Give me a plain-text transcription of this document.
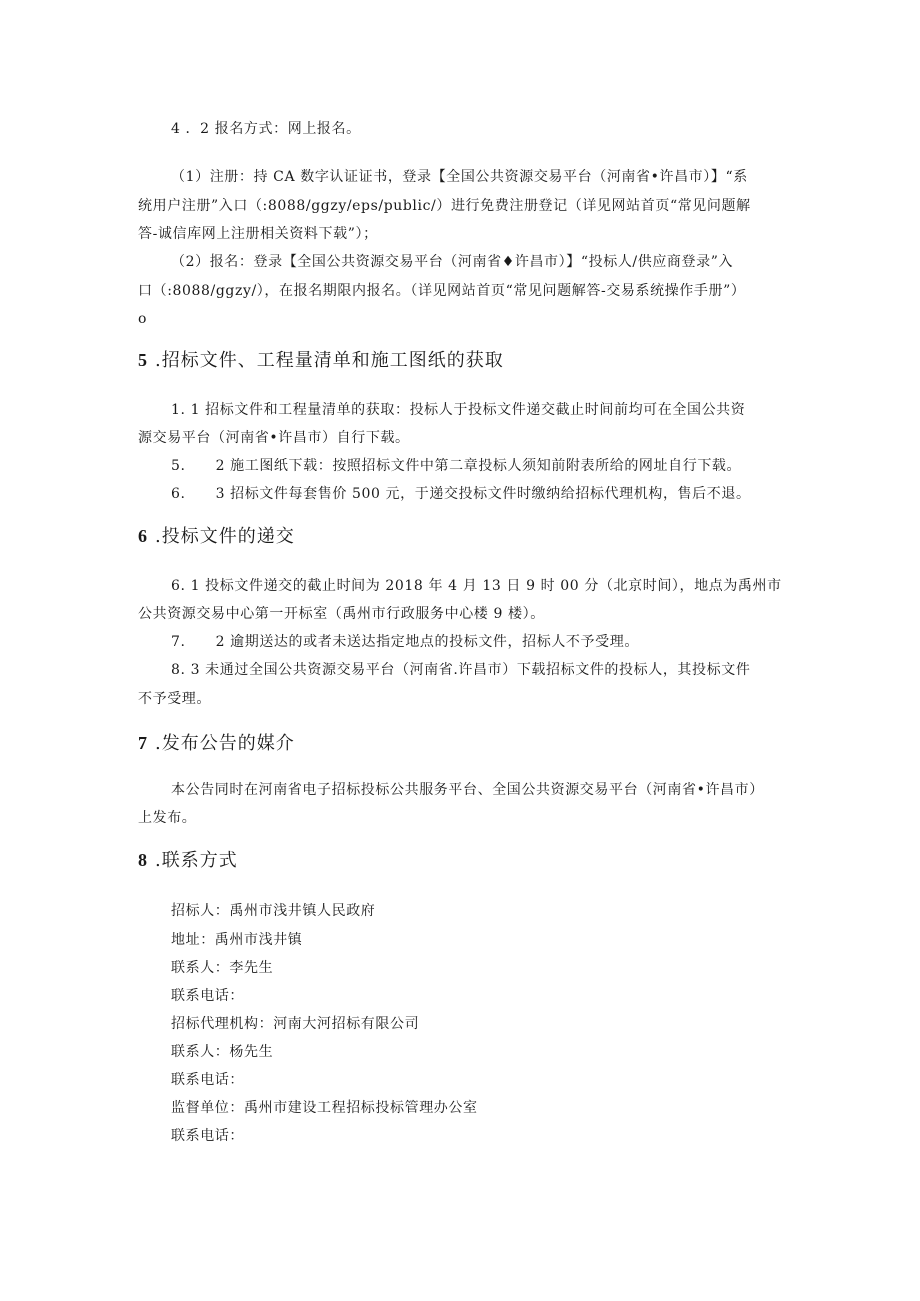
4 ．2 报名方式：网上报名。
（1）注册：持 CA 数字认证证书，登录【全国公共资源交易平台（河南省•许昌市）】“系
统用户注册”入口（:8088/ggzy/eps/public/）进行免费注册登记（详见网站首页“常见问题解
答-诚信库网上注册相关资料下载”）；
（2）报名：登录【全国公共资源交易平台（河南省♦许昌市）】“投标人/供应商登录”入
口（:8088/ggzy/），在报名期限内报名。（详见网站首页“常见问题解答-交易系统操作手册”）
o
5 .招标文件、工程量清单和施工图纸的获取
1. 1 招标文件和工程量清单的获取：投标人于投标文件递交截止时间前均可在全国公共资
源交易平台（河南省•许昌市）自行下载。
5. 2 施工图纸下载：按照招标文件中第二章投标人须知前附表所给的网址自行下载。
6. 3 招标文件每套售价 500 元，于递交投标文件时缴纳给招标代理机构，售后不退。
6 .投标文件的递交
6. 1 投标文件递交的截止时间为 2018 年 4 月 13 日 9 时 00 分（北京时间），地点为禹州市
公共资源交易中心第一开标室（禹州市行政服务中心楼 9 楼）。
7. 2 逾期送达的或者未送达指定地点的投标文件，招标人不予受理。
8. 3 未通过全国公共资源交易平台（河南省.许昌市）下载招标文件的投标人，其投标文件
不予受理。
7 .发布公告的媒介
本公告同时在河南省电子招标投标公共服务平台、全国公共资源交易平台（河南省•许昌市）
上发布。
8 .联系方式
招标人：禹州市浅井镇人民政府
地址：禹州市浅井镇
联系人：李先生
联系电话：
招标代理机构：河南大河招标有限公司
联系人：杨先生
联系电话：
监督单位：禹州市建设工程招标投标管理办公室
联系电话：
